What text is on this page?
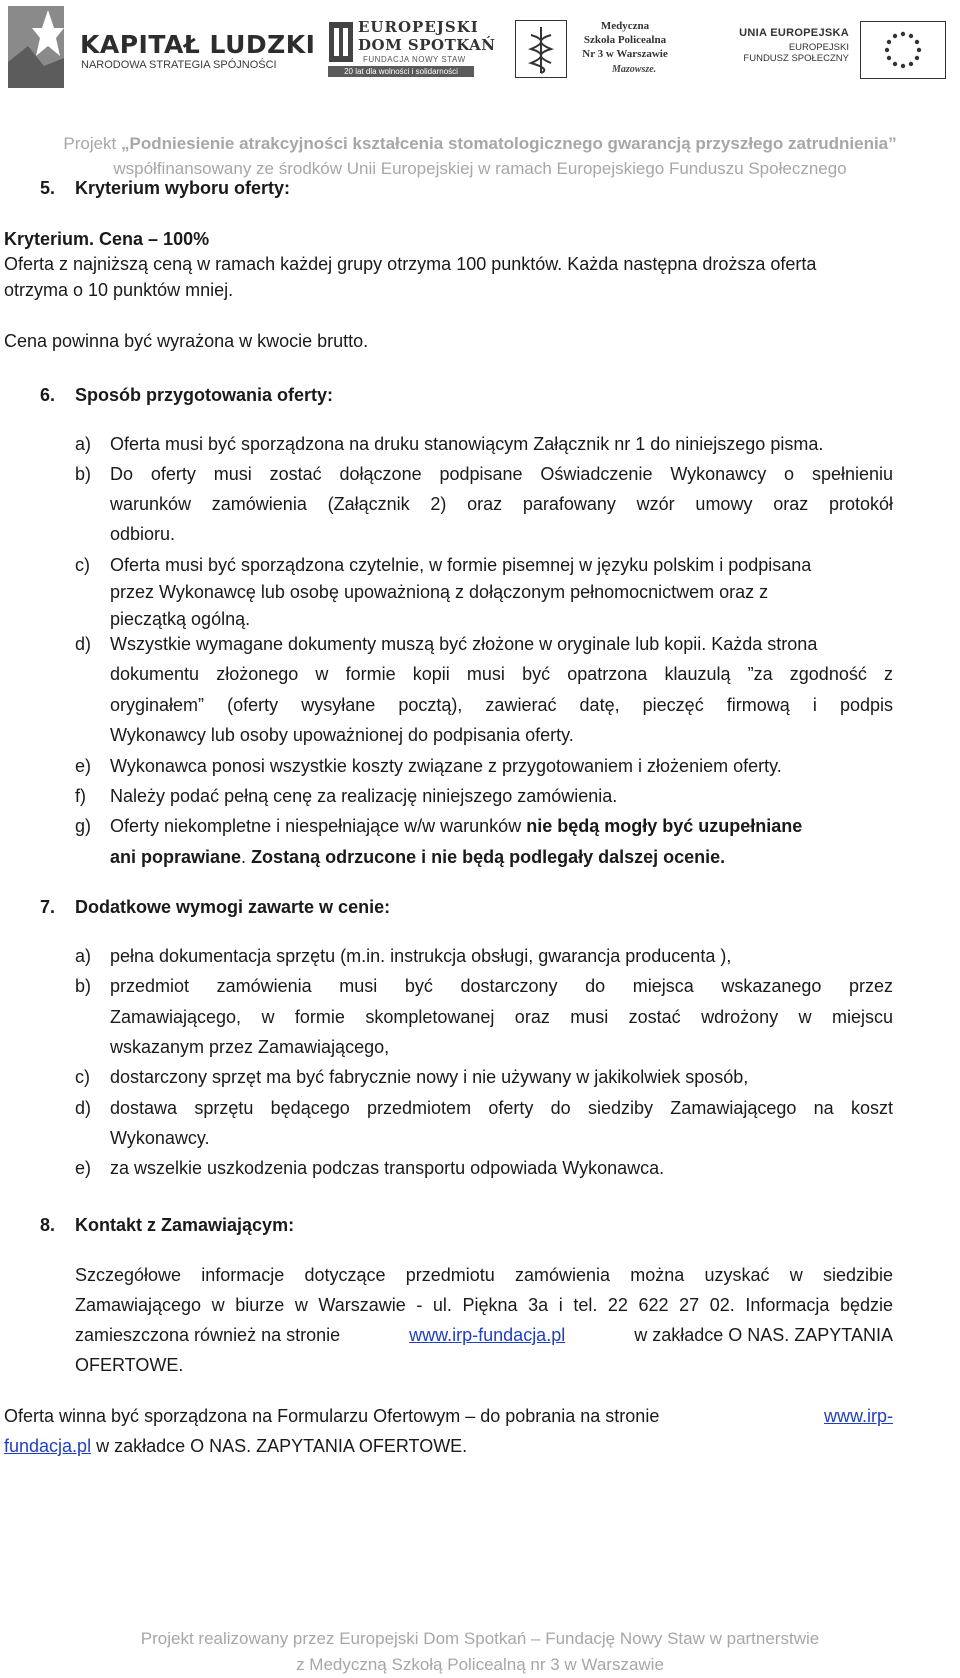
KAPITAŁ LUDZKI
NARODOWA STRATEGIA SPÓJNOŚCI
EUROPEJSKI
DOM SPOTKAŃ
FUNDACJA NOWY STAW
20 lat dla wolności i solidarności
Medyczna
Szkoła Policealna
Nr 3 w Warszawie
Mazowsze.
UNIA EUROPEJSKA
EUROPEJSKI
FUNDUSZ SPOŁECZNY
Projekt „Podniesienie atrakcyjności kształcenia stomatologicznego gwarancją przyszłego zatrudnienia”
współfinansowany ze środków Unii Europejskiej w ramach Europejskiego Funduszu Społecznego
5. Kryterium wyboru oferty:
Kryterium. Cena – 100%
Oferta z najniższą ceną w ramach każdej grupy otrzyma 100 punktów. Każda następna droższa oferta
otrzyma o 10 punktów mniej.
Cena powinna być wyrażona w kwocie brutto.
6. Sposób przygotowania oferty:
a) Oferta musi być sporządzona na druku stanowiącym Załącznik nr 1 do niniejszego pisma.
b) Do oferty musi zostać dołączone podpisane Oświadczenie Wykonawcy o spełnieniu
warunków zamówienia (Załącznik 2) oraz parafowany wzór umowy oraz protokół
odbioru.
c) Oferta musi być sporządzona czytelnie, w formie pisemnej w języku polskim i podpisana
przez Wykonawcę lub osobę upoważnioną z dołączonym pełnomocnictwem oraz z
pieczątką ogólną.
d) Wszystkie wymagane dokumenty muszą być złożone w oryginale lub kopii. Każda strona
dokumentu złożonego w formie kopii musi być opatrzona klauzulą ”za zgodność z
oryginałem” (oferty wysyłane pocztą), zawierać datę, pieczęć firmową i podpis
Wykonawcy lub osoby upoważnionej do podpisania oferty.
e) Wykonawca ponosi wszystkie koszty związane z przygotowaniem i złożeniem oferty.
f) Należy podać pełną cenę za realizację niniejszego zamówienia.
g) Oferty niekompletne i niespełniające w/w warunków nie będą mogły być uzupełniane
ani poprawiane. Zostaną odrzucone i nie będą podlegały dalszej ocenie.
7. Dodatkowe wymogi zawarte w cenie:
a) pełna dokumentacja sprzętu (m.in. instrukcja obsługi, gwarancja producenta ),
b) przedmiot zamówienia musi być dostarczony do miejsca wskazanego przez
Zamawiającego, w formie skompletowanej oraz musi zostać wdrożony w miejscu
wskazanym przez Zamawiającego,
c) dostarczony sprzęt ma być fabrycznie nowy i nie używany w jakikolwiek sposób,
d) dostawa sprzętu będącego przedmiotem oferty do siedziby Zamawiającego na koszt
Wykonawcy.
e) za wszelkie uszkodzenia podczas transportu odpowiada Wykonawca.
8. Kontakt z Zamawiającym:
Szczegółowe informacje dotyczące przedmiotu zamówienia można uzyskać w siedzibie
Zamawiającego w biurze w Warszawie - ul. Piękna 3a i tel. 22 622 27 02. Informacja będzie
zamieszczona również na stronie	www.irp-fundacja.pl	w zakładce O NAS. ZAPYTANIA
OFERTOWE.
Oferta winna być sporządzona na Formularzu Ofertowym – do pobrania na stronie	www.irp-
fundacja.pl w zakładce O NAS. ZAPYTANIA OFERTOWE.
Projekt realizowany przez Europejski Dom Spotkań – Fundację Nowy Staw w partnerstwie
z Medyczną Szkołą Policealną nr 3 w Warszawie
